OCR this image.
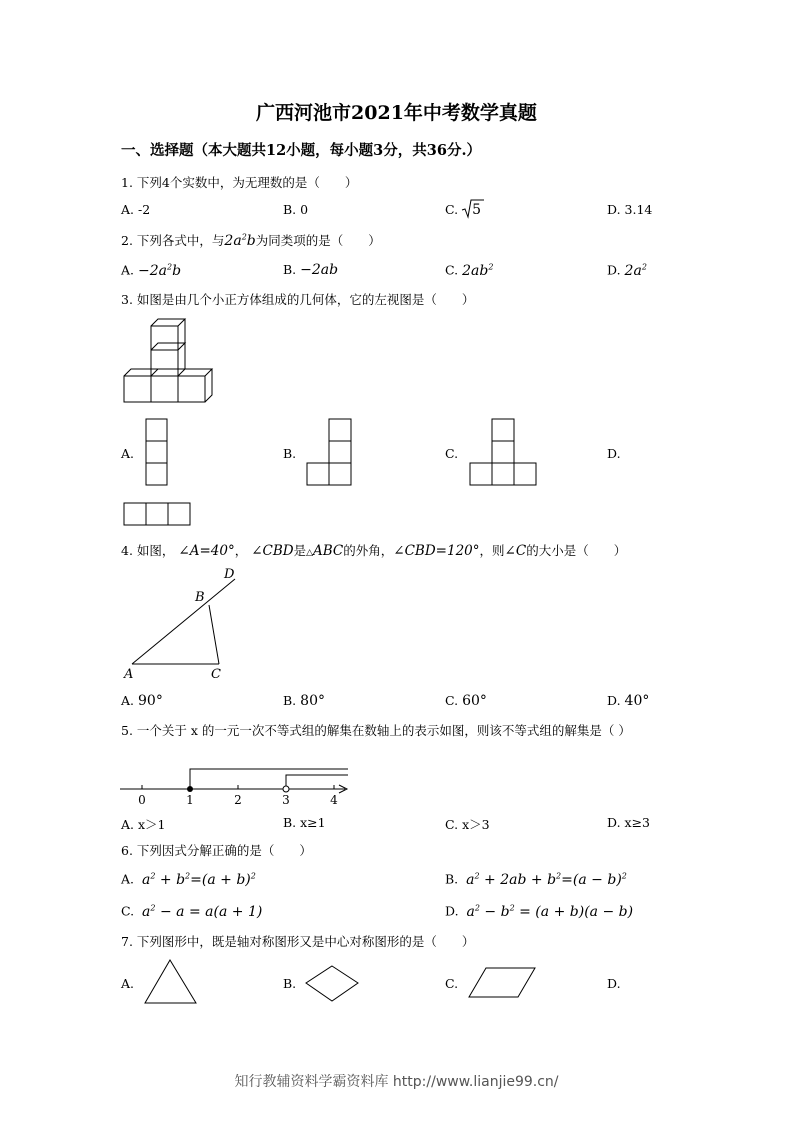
广西河池市2021年中考数学真题
一、选择题（本大题共12小题，每小题3分，共36分.）
1. 下列4个实数中，为无理数的是（　　）
A. -2	B. 0	C. 5	D. 3.14
2. 下列各式中，与$2a^2b$为同类项的是（　　）
A. $-2a^2b$	B. −2ab	C. $2ab^2$	D. $2a^2$
3. 如图是由几个小正方体组成的几何体，它的左视图是（　　）
A.	B.	C.	D.
4. 如图， ∠A=40°， ∠CBD是△ABC的外角，∠CBD=120°，则∠C的大小是（　　）
A
B
C
D
A. 90°	B. 80°	C. 60°	D. 40°
5. 一个关于 x 的一元一次不等式组的解集在数轴上的表示如图，则该不等式组的解集是（ ）
0	1	2	3	4
A. x＞1	B. x≥1	C. x＞3	D. x≥3
6. 下列因式分解正确的是（　　）
A. $a^2 + b^2=(a + b)^2$	B. $a^2 + 2ab + b^2=(a - b)^2$
C. $a^2 - a = a(a + 1)$	D. $a^2 - b^2 = (a + b)(a - b)$
7. 下列图形中，既是轴对称图形又是中心对称图形的是（　　）
A.	B.	C.	D.
知行教辅资料学霸资料库 http://www.lianjie99.cn/
